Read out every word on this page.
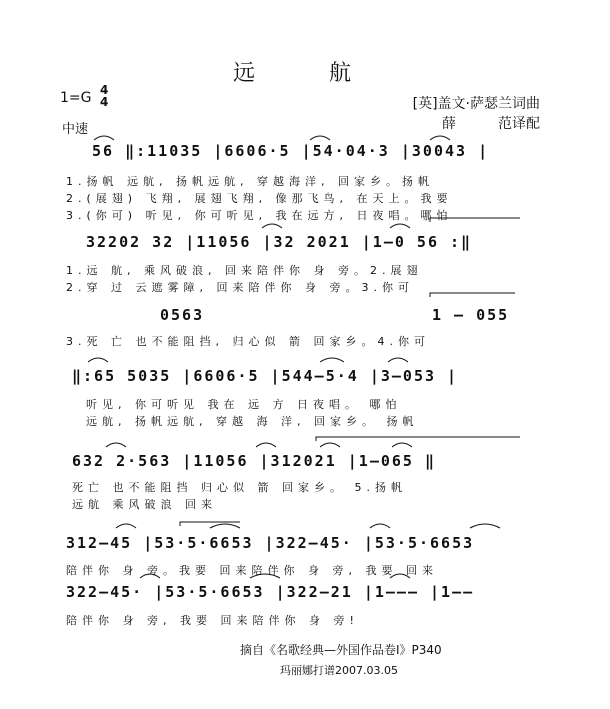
远　航
1=G 4
4
中速
[英]盖文·萨瑟兰词曲
薛　　　范译配
56 ‖:11035 |6606·5 |54·04·3 |30043 |
1.扬帆 远航, 扬帆远航, 穿越海洋, 回家乡。扬帆
2.(展翅) 飞翔, 展翅飞翔, 像那飞鸟, 在天上。我要
3.(你可) 听见, 你可听见, 我在远方, 日夜唱。哪怕
32202 32 |11056 |32 2021 |1—0 56 :‖
1.远 航, 乘风破浪, 回来陪伴你 身 旁。2.展翅
2.穿 过 云遮雾障, 回来陪伴你 身 旁。3.你可
0563	1 — 055
3.死 亡 也不能阻挡, 归心似 箭 回家乡。4.你可
‖:65 5035 |6606·5 |544—5·4 |3—053 |
听见, 你可听见 我在 远 方 日夜唱。 哪怕
远航, 扬帆远航, 穿越 海 洋, 回家乡。 扬帆
632 2·563 |11056 |312021 |1—065 ‖
死亡 也不能阻挡 归心似 箭 回家乡。 5.扬帆
远航 乘风破浪 回来
312—45 |53·5·6653 |322—45· |53·5·6653
陪伴你 身 旁。我要 回来陪伴你 身 旁, 我要 回来
322—45· |53·5·6653 |322—21 |1——— |1——
陪伴你 身 旁, 我要 回来陪伴你 身 旁!
摘自《名歌经典—外国作品卷Ⅰ》P340
玛丽娜打谱2007.03.05
